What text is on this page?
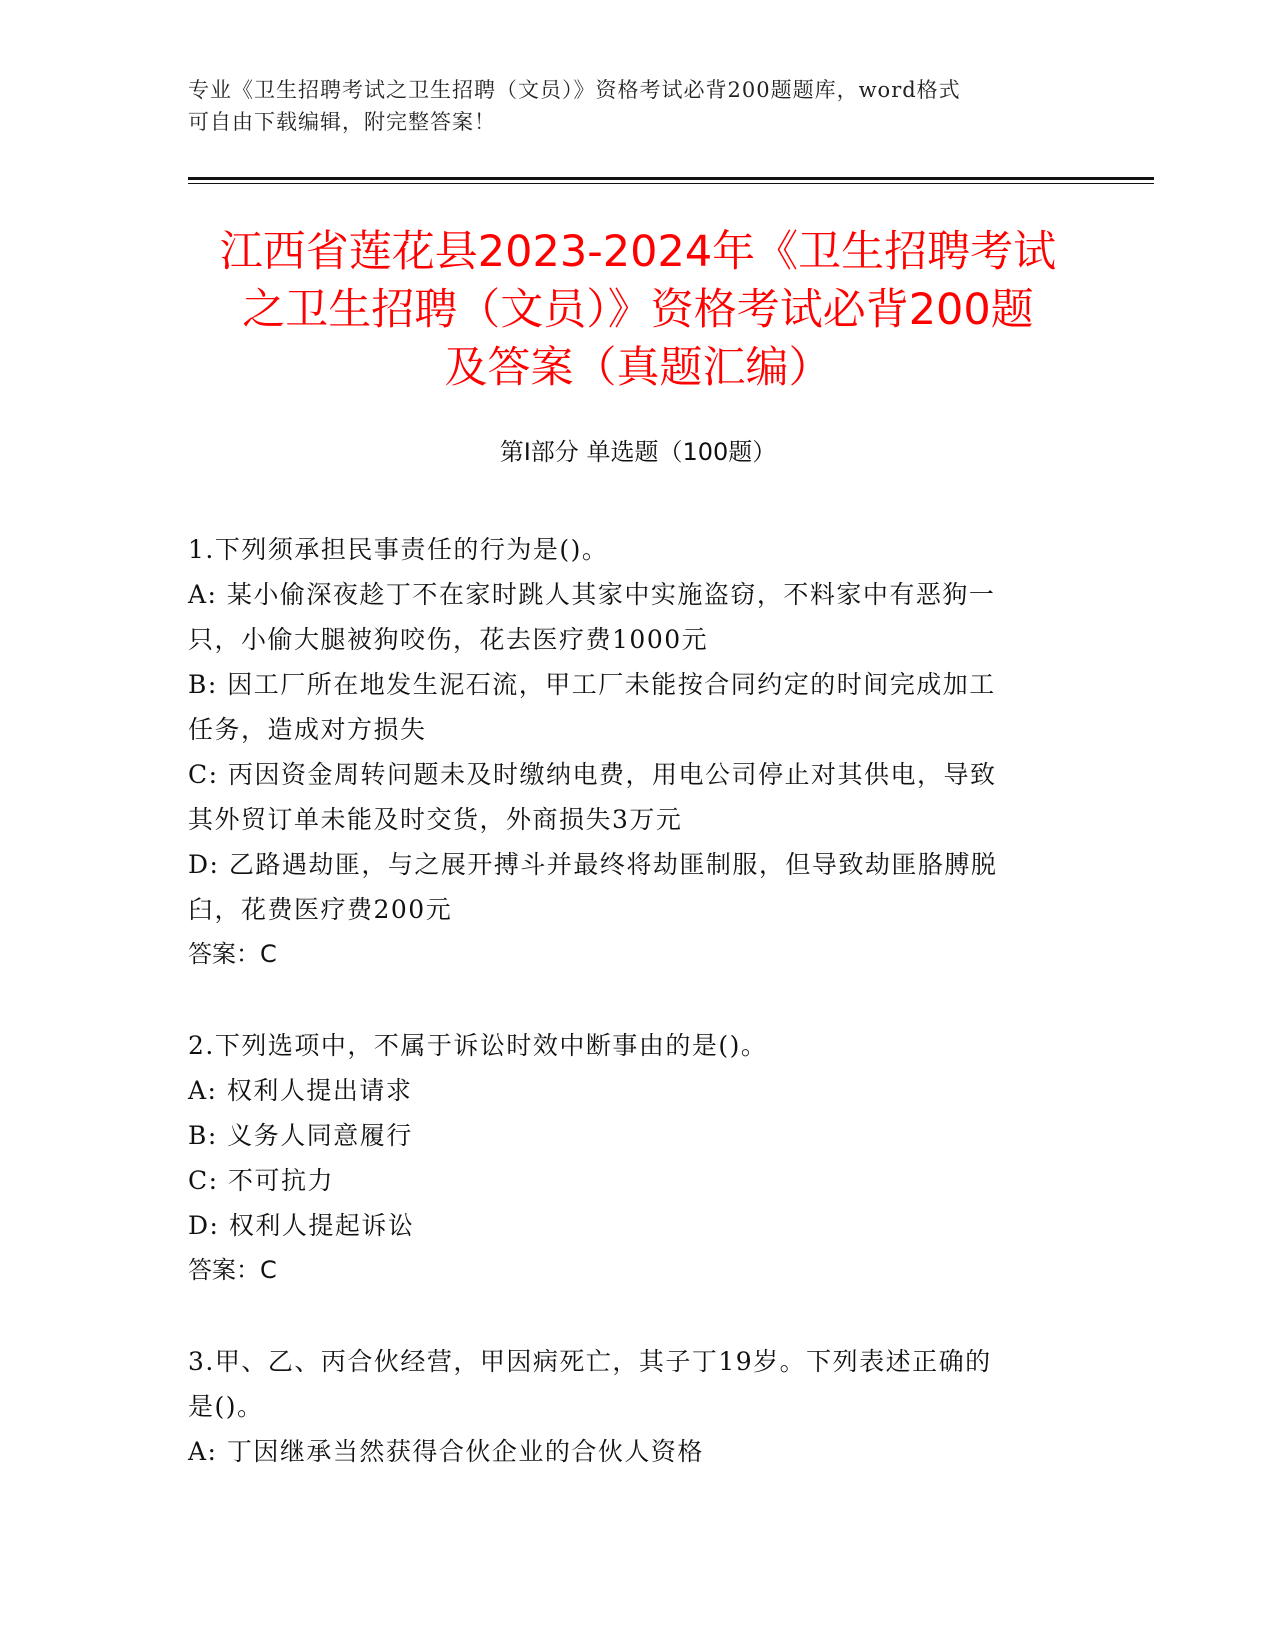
专业《卫生招聘考试之卫生招聘（文员）》资格考试必背200题题库，word格式
可自由下载编辑，附完整答案！
江西省莲花县2023-2024年《卫生招聘考试
之卫生招聘（文员）》资格考试必背200题
及答案（真题汇编）
第Ⅰ部分 单选题（100题）
1.下列须承担民事责任的行为是()。
A: 某小偷深夜趁丁不在家时跳人其家中实施盗窃，不料家中有恶狗一
只，小偷大腿被狗咬伤，花去医疗费1000元
B: 因工厂所在地发生泥石流，甲工厂未能按合同约定的时间完成加工
任务，造成对方损失
C: 丙因资金周转问题未及时缴纳电费，用电公司停止对其供电，导致
其外贸订单未能及时交货，外商损失3万元
D: 乙路遇劫匪，与之展开搏斗并最终将劫匪制服，但导致劫匪胳膊脱
臼，花费医疗费200元
答案：C
2.下列选项中，不属于诉讼时效中断事由的是()。
A: 权利人提出请求
B: 义务人同意履行
C: 不可抗力
D: 权利人提起诉讼
答案：C
3.甲、乙、丙合伙经营，甲因病死亡，其子丁19岁。下列表述正确的
是()。
A: 丁因继承当然获得合伙企业的合伙人资格
